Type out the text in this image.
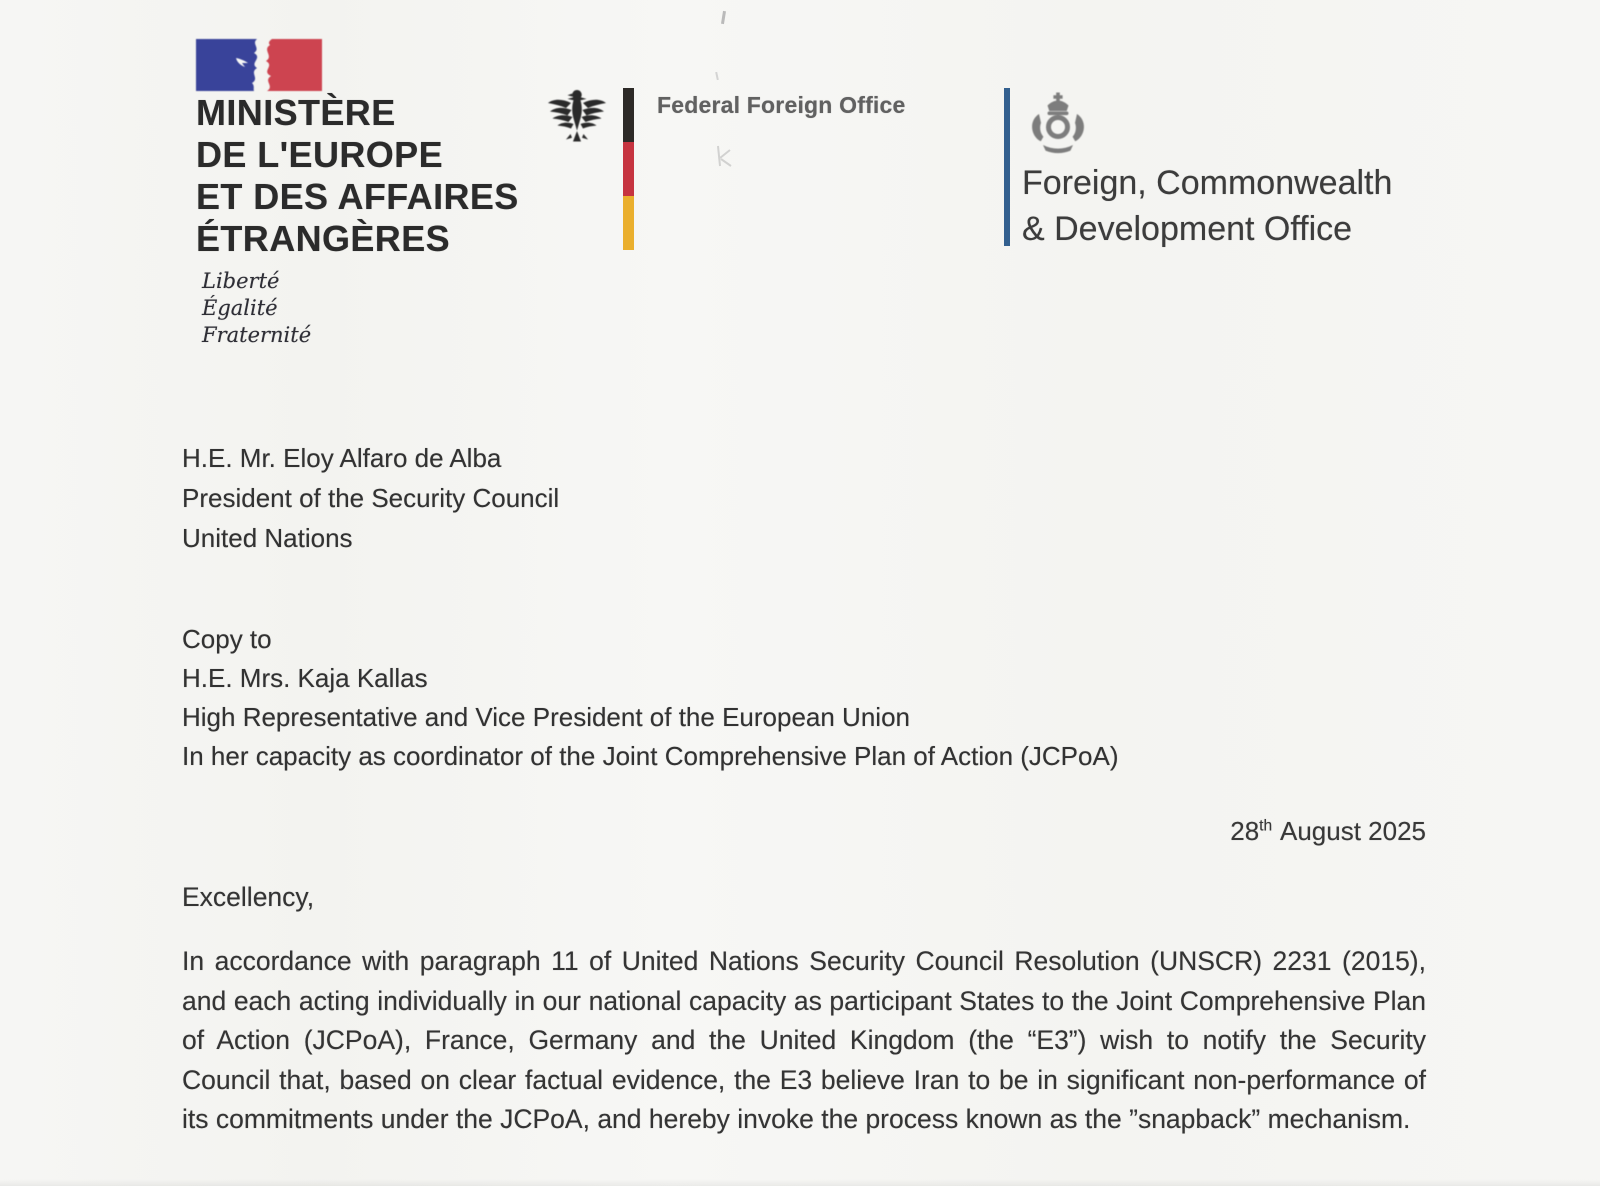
MINISTÈRE
DE L'EUROPE
ET DES AFFAIRES
ÉTRANGÈRES
Liberté
Égalité
Fraternité
Federal Foreign Office
Foreign, Commonwealth
& Development Office
H.E. Mr. Eloy Alfaro de Alba
President of the Security Council
United Nations
Copy to
H.E. Mrs. Kaja Kallas
High Representative and Vice President of the European Union
In her capacity as coordinator of the Joint Comprehensive Plan of Action (JCPoA)
28th August 2025
Excellency,
In accordance with paragraph 11 of United Nations Security Council Resolution (UNSCR) 2231 (2015), and each acting individually in our national capacity as participant States to the Joint Comprehensive Plan of Action (JCPoA), France, Germany and the United Kingdom (the “E3”) wish to notify the Security Council that, based on clear factual evidence, the E3 believe Iran to be in significant non-performance of its commitments under the JCPoA, and hereby invoke the process known as the ”snapback” mechanism.
